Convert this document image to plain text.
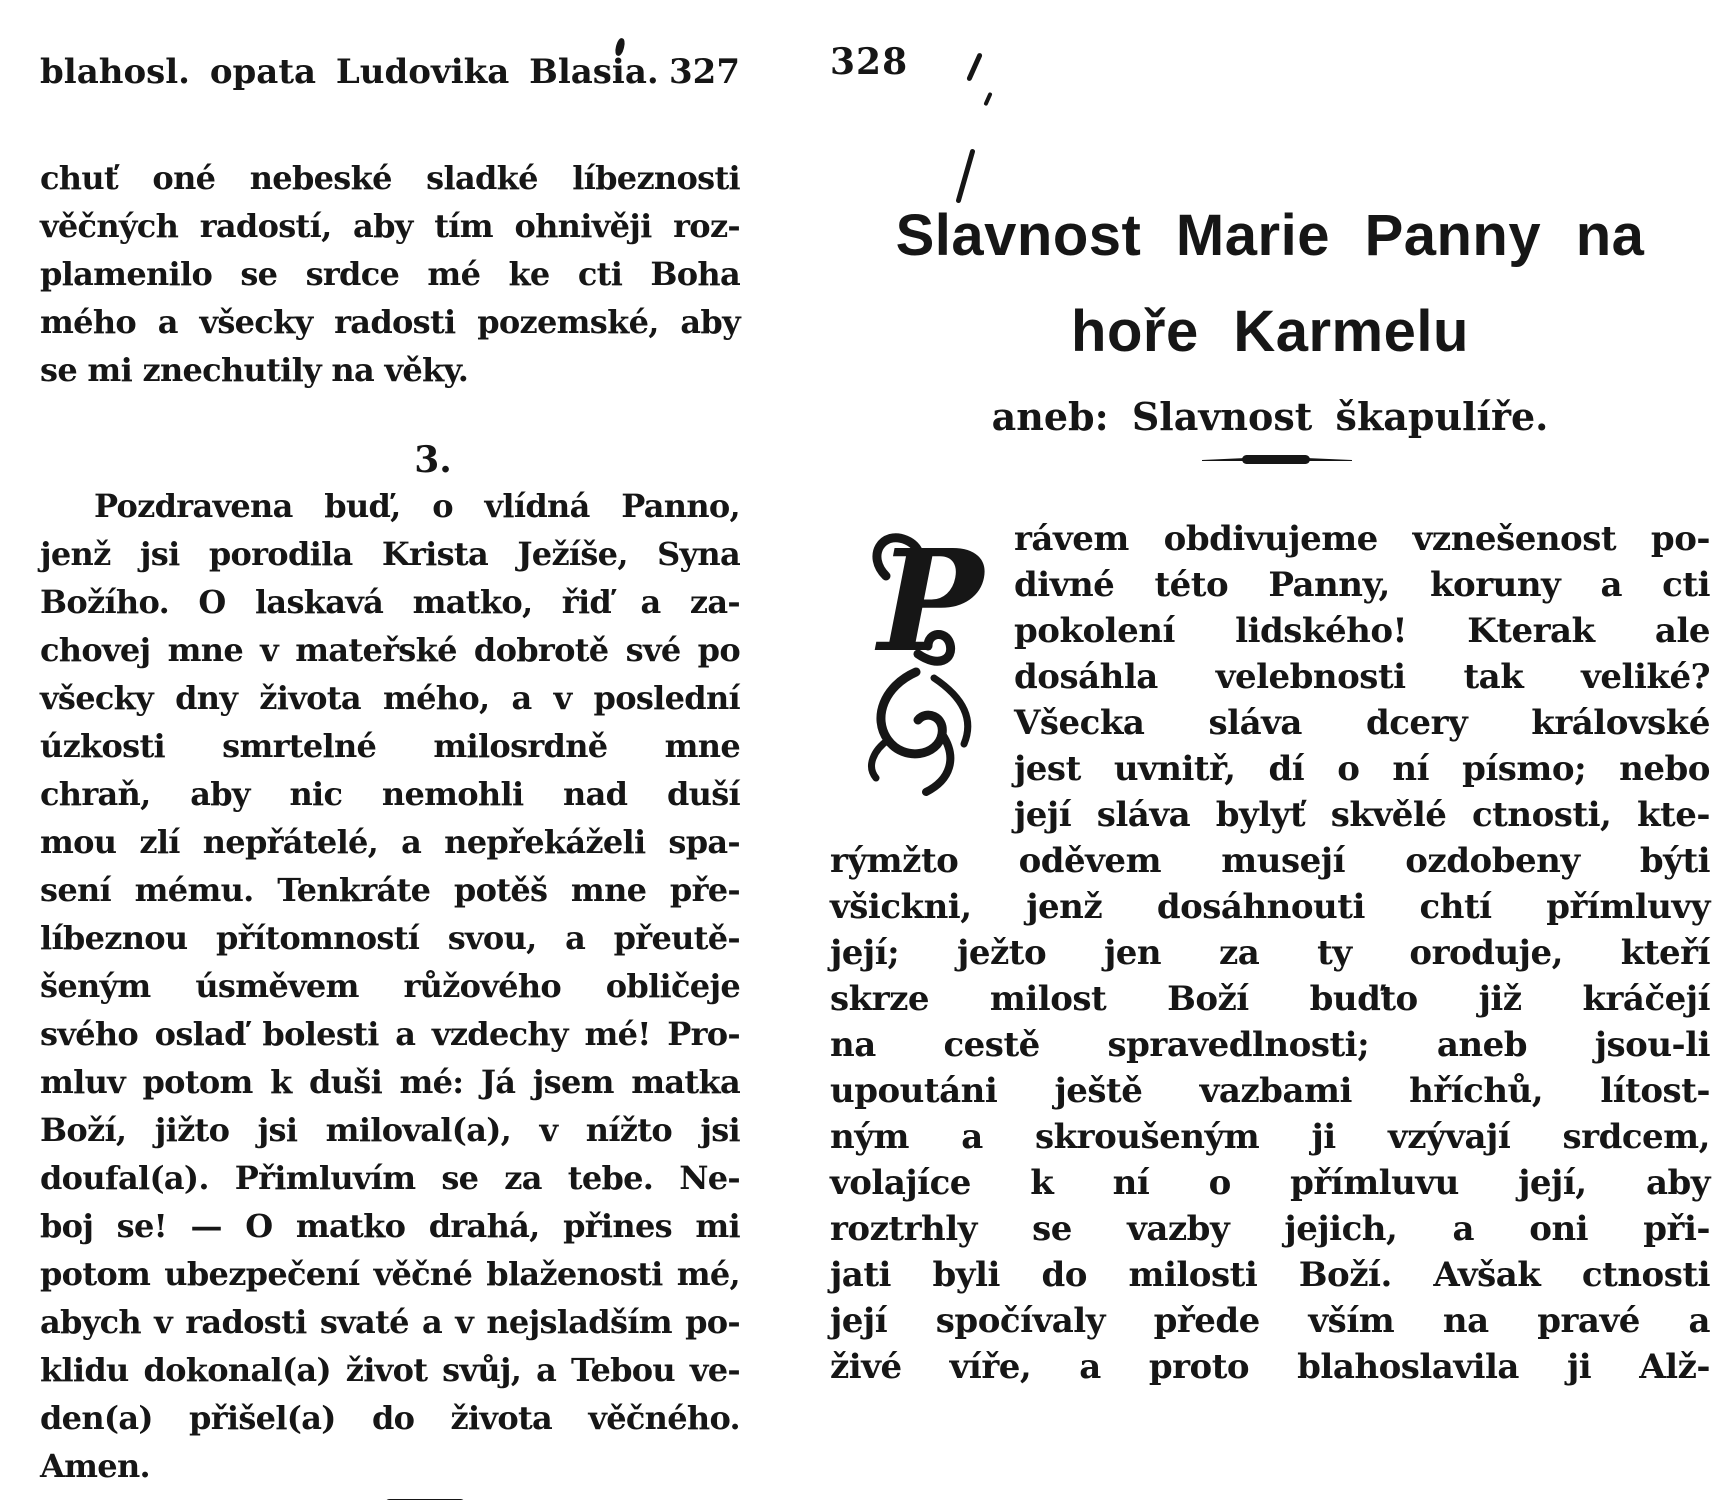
blahosl. opata Ludovika Blasia. 327
chuť oné nebeské sladké líbeznosti
věčných radostí, aby tím ohnivěji roz-
plamenilo se srdce mé ke cti Boha
mého a všecky radosti pozemské, aby
se mi znechutily na věky.
3.
Pozdravena buď, o vlídná Panno,
jenž jsi porodila Krista Ježíše, Syna
Božího. O laskavá matko, řiď a za-
chovej mne v mateřské dobrotě své po
všecky dny života mého, a v poslední
úzkosti smrtelné milosrdně mne
chraň, aby nic nemohli nad duší
mou zlí nepřátelé, a nepřekáželi spa-
sení mému. Tenkráte potěš mne pře-
líbeznou přítomností svou, a přeutě-
šeným úsměvem růžového obličeje
svého oslaď bolesti a vzdechy mé! Pro-
mluv potom k duši mé: Já jsem matka
Boží, jižto jsi miloval(a), v nížto jsi
doufal(a). Přimluvím se za tebe. Ne-
boj se! — O matko drahá, přines mi
potom ubezpečení věčné blaženosti mé,
abych v radosti svaté a v nejsladším po-
klidu dokonal(a) život svůj, a Tebou ve-
den(a) přišel(a) do života věčného. Amen.
328
Slavnost Marie Panny na
hoře Karmelu
aneb: Slavnost škapulíře.
P rávem obdivujeme vznešenost po-
divné této Panny, koruny a cti
pokolení lidského! Kterak ale
dosáhla velebnosti tak veliké?
Všecka sláva dcery královské
jest uvnitř, dí o ní písmo; nebo
její sláva bylyť skvělé ctnosti, kte-
rýmžto oděvem musejí ozdobeny býti
všickni, jenž dosáhnouti chtí přímluvy
její; ježto jen za ty oroduje, kteří
skrze milost Boží buďto již kráčejí
na cestě spravedlnosti; aneb jsou-li
upoutáni ještě vazbami hříchů, lítost-
ným a skroušeným ji vzývají srdcem,
volajíce k ní o přímluvu její, aby
roztrhly se vazby jejich, a oni při-
jati byli do milosti Boží. Avšak ctnosti
její spočívaly přede vším na pravé a
živé víře, a proto blahoslavila ji Alž-
